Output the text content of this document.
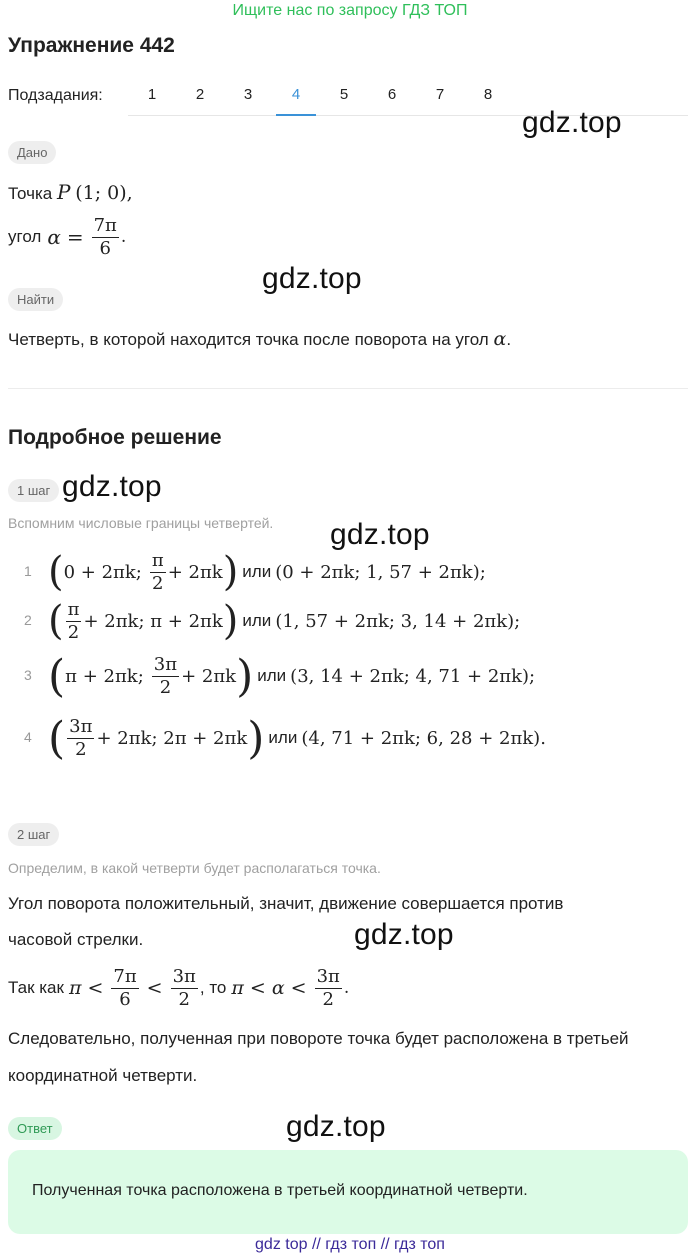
Ищите нас по запросу ГДЗ ТОП
Упражнение 442
Подзадания:	1	2	3	4	5	6	7	8
gdz.top
Дано
Точка P (1; 0),
угол $\alpha = \frac{7\pi}{6}$ .
gdz.top
Найти
Четверть, в которой находится точка после поворота на угол α.
Подробное решение
1 шаг gdz.top
Вспомним числовые границы четвертей. gdz.top
1 ( 0 + 2πk; $\frac{\pi}{2} + 2\pi k$ ) или (0 + 2πk; 1, 57 + 2πk);
2 ( $\frac{\pi}{2} + 2\pi k$; π + 2πk ) или (1, 57 + 2πk; 3, 14 + 2πk);
3 ( π + 2πk; $\frac{3\pi}{2} + 2\pi k$ ) или (3, 14 + 2πk; 4, 71 + 2πk);
4 ( $\frac{3\pi}{2} + 2\pi k$; 2π + 2πk ) или (4, 71 + 2πk; 6, 28 + 2πk).
2 шаг
Определим, в какой четверти будет располагаться точка.
Угол поворота положительный, значит, движение совершается против
часовой стрелки.	gdz.top
Так как $\pi < \frac{7\pi}{6} < \frac{3\pi}{2}$ , то $\pi < \alpha < \frac{3\pi}{2}$ .
Следовательно, полученная при повороте точка будет расположена в третьей
координатной четверти.
Ответ	gdz.top
Полученная точка расположена в третьей координатной четверти.
gdz top // гдз топ // гдз топ
